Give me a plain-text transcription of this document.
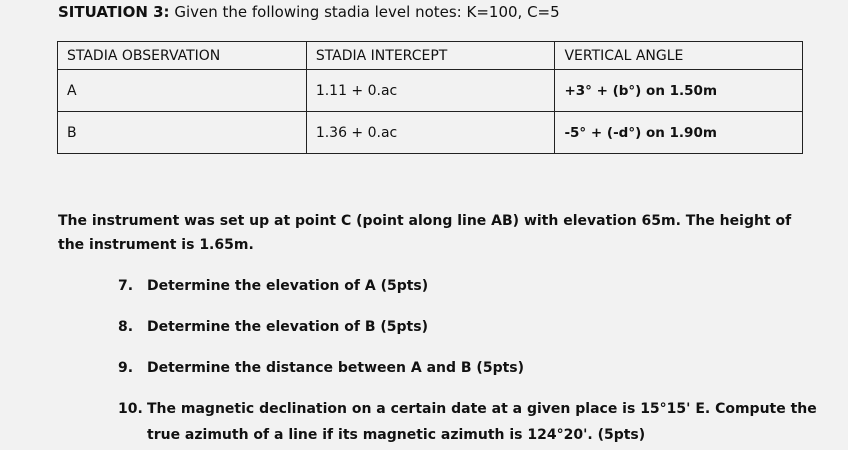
SITUATION 3: Given the following stadia level notes: K=100, C=5
STADIA OBSERVATION	STADIA INTERCEPT	VERTICAL ANGLE
A	1.11 + 0.ac	+3° + (b°) on 1.50m
B	1.36 + 0.ac	-5° + (-d°) on 1.90m
The instrument was set up at point C (point along line AB) with elevation 65m. The height of the instrument is 1.65m.
7. Determine the elevation of A (5pts)
8. Determine the elevation of B (5pts)
9. Determine the distance between A and B (5pts)
10. The magnetic declination on a certain date at a given place is 15°15' E. Compute the
true azimuth of a line if its magnetic azimuth is 124°20'. (5pts)
